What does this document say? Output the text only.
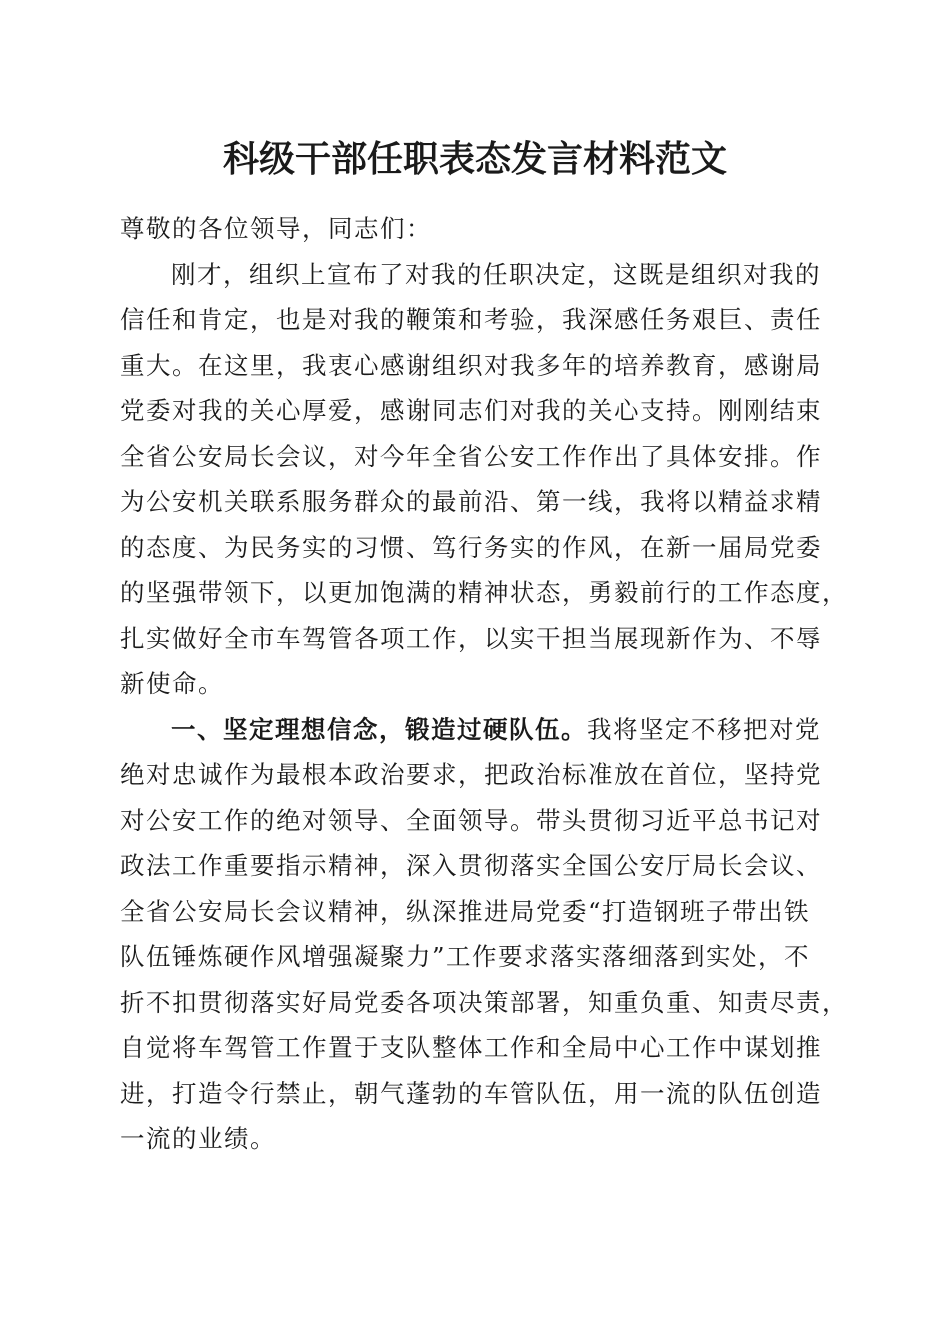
科级干部任职表态发言材料范文
尊敬的各位领导，同志们：
刚才，组织上宣布了对我的任职决定，这既是组织对我的
信任和肯定，也是对我的鞭策和考验，我深感任务艰巨、责任
重大。在这里，我衷心感谢组织对我多年的培养教育，感谢局
党委对我的关心厚爱，感谢同志们对我的关心支持。刚刚结束
全省公安局长会议，对今年全省公安工作作出了具体安排。作
为公安机关联系服务群众的最前沿、第一线，我将以精益求精
的态度、为民务实的习惯、笃行务实的作风，在新一届局党委
的坚强带领下，以更加饱满的精神状态，勇毅前行的工作态度，
扎实做好全市车驾管各项工作，以实干担当展现新作为、不辱
新使命。
一、坚定理想信念，锻造过硬队伍。我将坚定不移把对党
绝对忠诚作为最根本政治要求，把政治标准放在首位，坚持党
对公安工作的绝对领导、全面领导。带头贯彻习近平总书记对
政法工作重要指示精神，深入贯彻落实全国公安厅局长会议、
全省公安局长会议精神，纵深推进局党委“打造钢班子带出铁
队伍锤炼硬作风增强凝聚力”工作要求落实落细落到实处，不
折不扣贯彻落实好局党委各项决策部署，知重负重、知责尽责，
自觉将车驾管工作置于支队整体工作和全局中心工作中谋划推
进，打造令行禁止，朝气蓬勃的车管队伍，用一流的队伍创造
一流的业绩。
